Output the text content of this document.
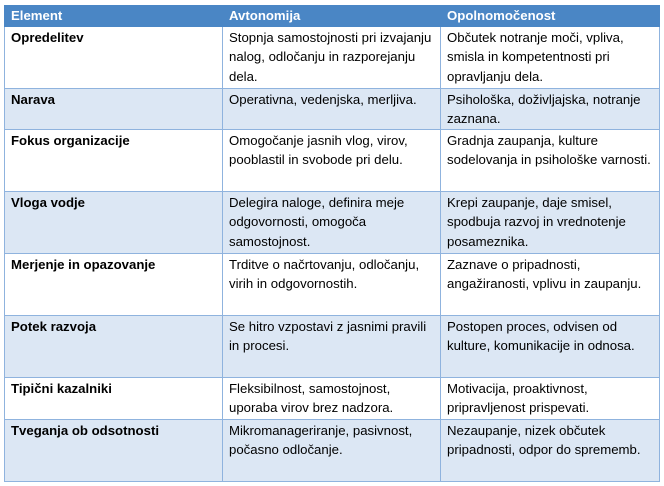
Element	Avtonomija	Opolnomočenost
Opredelitev	Stopnja samostojnosti pri izvajanju nalog, odločanju in razporejanju dela.	Občutek notranje moči, vpliva, smisla in kompetentnosti pri opravljanju dela.
Narava	Operativna, vedenjska, merljiva.	Psihološka, doživljajska, notranje zaznana.
Fokus organizacije	Omogočanje jasnih vlog, virov, pooblastil in svobode pri delu.	Gradnja zaupanja, kulture sodelovanja in psihološke varnosti.
Vloga vodje	Delegira naloge, definira meje odgovornosti, omogoča samostojnost.	Krepi zaupanje, daje smisel, spodbuja razvoj in vrednotenje posameznika.
Merjenje in opazovanje	Trditve o načrtovanju, odločanju, virih in odgovornostih.	Zaznave o pripadnosti, angažiranosti, vplivu in zaupanju.
Potek razvoja	Se hitro vzpostavi z jasnimi pravili in procesi.	Postopen proces, odvisen od kulture, komunikacije in odnosa.
Tipični kazalniki	Fleksibilnost, samostojnost, uporaba virov brez nadzora.	Motivacija, proaktivnost, pripravljenost prispevati.
Tveganja ob odsotnosti	Mikromanageriranje, pasivnost, počasno odločanje.	Nezaupanje, nizek občutek pripadnosti, odpor do sprememb.
